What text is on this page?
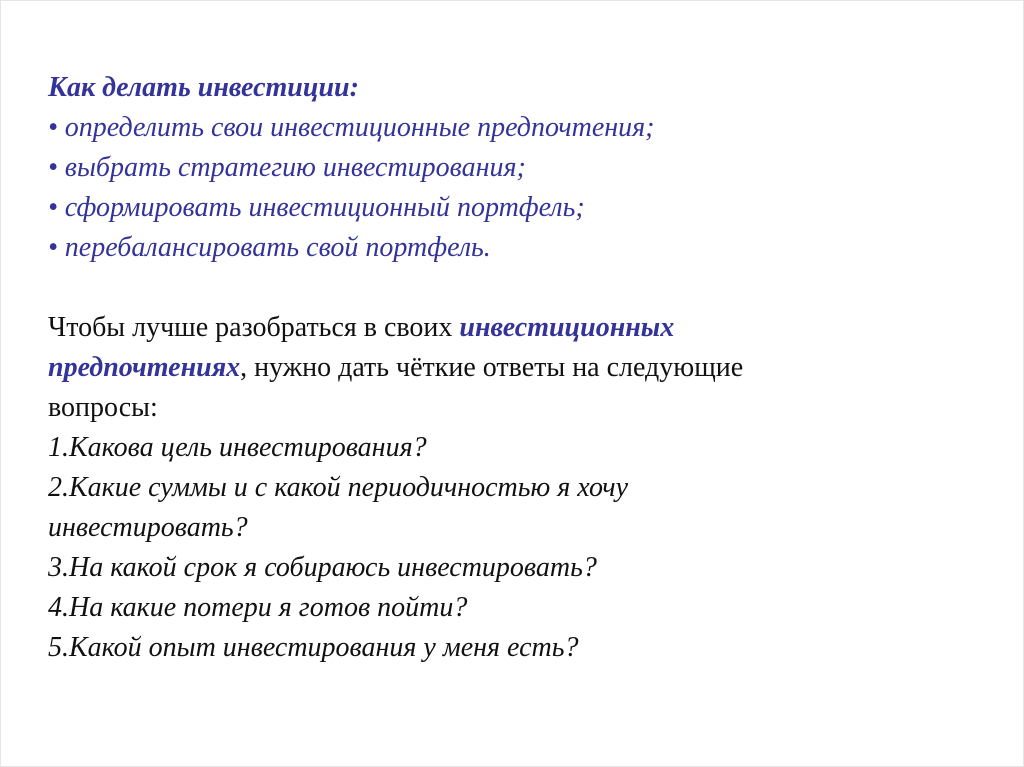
Как делать инвестиции:
• определить свои инвестиционные предпочтения;
• выбрать стратегию инвестирования;
• сформировать инвестиционный портфель;
• перебалансировать свой портфель.
Чтобы лучше разобраться в своих инвестиционных
предпочтениях, нужно дать чёткие ответы на следующие
вопросы:
1.Какова цель инвестирования?
2.Какие суммы и с какой периодичностью я хочу
инвестировать?
3.На какой срок я собираюсь инвестировать?
4.На какие потери я готов пойти?
5.Какой опыт инвестирования у меня есть?
